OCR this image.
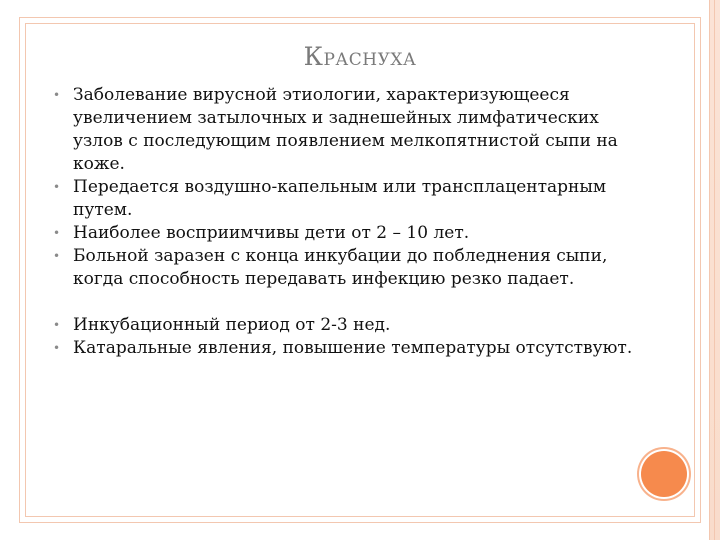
КРАСНУХА
• Заболевание вирусной этиологии, характеризующееся увеличением затылочных и заднешейных лимфатических узлов с последующим появлением мелкопятнистой сыпи на коже.
• Передается воздушно-капельным или трансплацентарным путем.
• Наиболее восприимчивы дети от 2 – 10 лет.
• Больной заразен с конца инкубации до побледнения сыпи, когда способность передавать инфекцию резко падает.
• Инкубационный период от 2-3 нед.
• Катаральные явления, повышение температуры отсутствуют.
